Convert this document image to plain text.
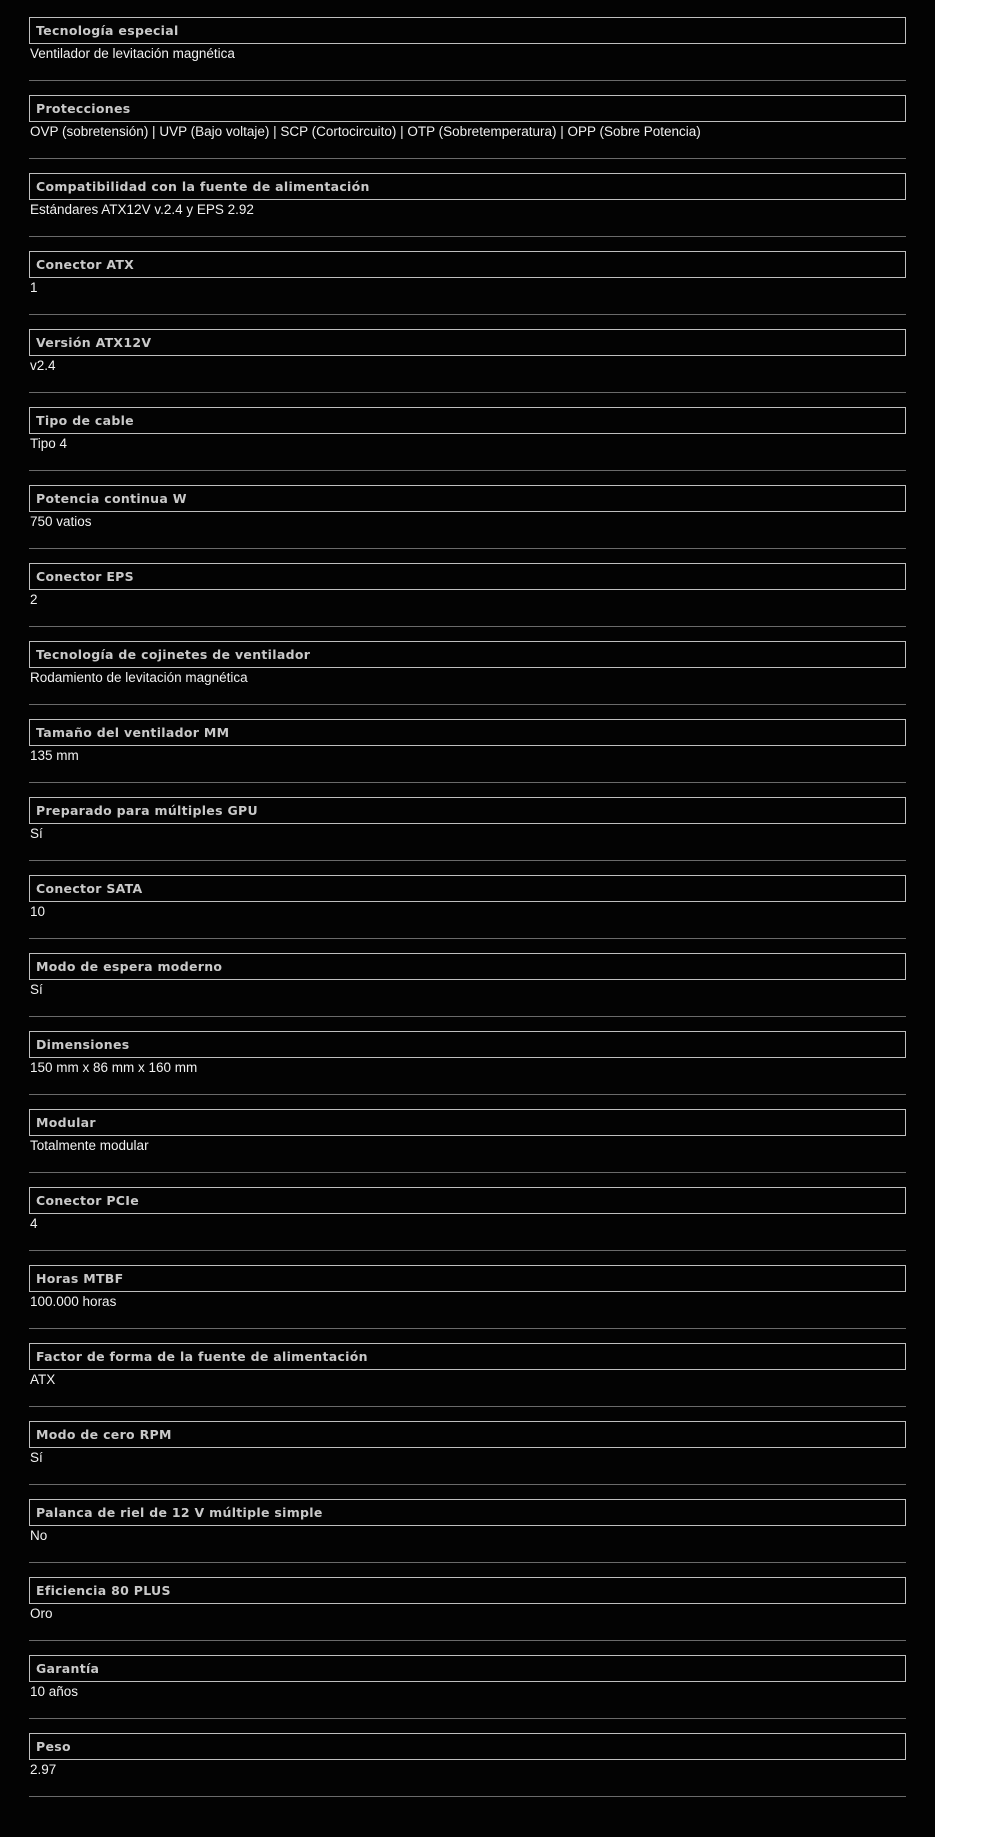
Tecnología especial
Ventilador de levitación magnética
Protecciones
OVP (sobretensión) | UVP (Bajo voltaje) | SCP (Cortocircuito) | OTP (Sobretemperatura) | OPP (Sobre Potencia)
Compatibilidad con la fuente de alimentación
Estándares ATX12V v.2.4 y EPS 2.92
Conector ATX
1
Versión ATX12V
v2.4
Tipo de cable
Tipo 4
Potencia continua W
750 vatios
Conector EPS
2
Tecnología de cojinetes de ventilador
Rodamiento de levitación magnética
Tamaño del ventilador MM
135 mm
Preparado para múltiples GPU
Sí
Conector SATA
10
Modo de espera moderno
Sí
Dimensiones
150 mm x 86 mm x 160 mm
Modular
Totalmente modular
Conector PCIe
4
Horas MTBF
100.000 horas
Factor de forma de la fuente de alimentación
ATX
Modo de cero RPM
Sí
Palanca de riel de 12 V múltiple simple
No
Eficiencia 80 PLUS
Oro
Garantía
10 años
Peso
2.97
